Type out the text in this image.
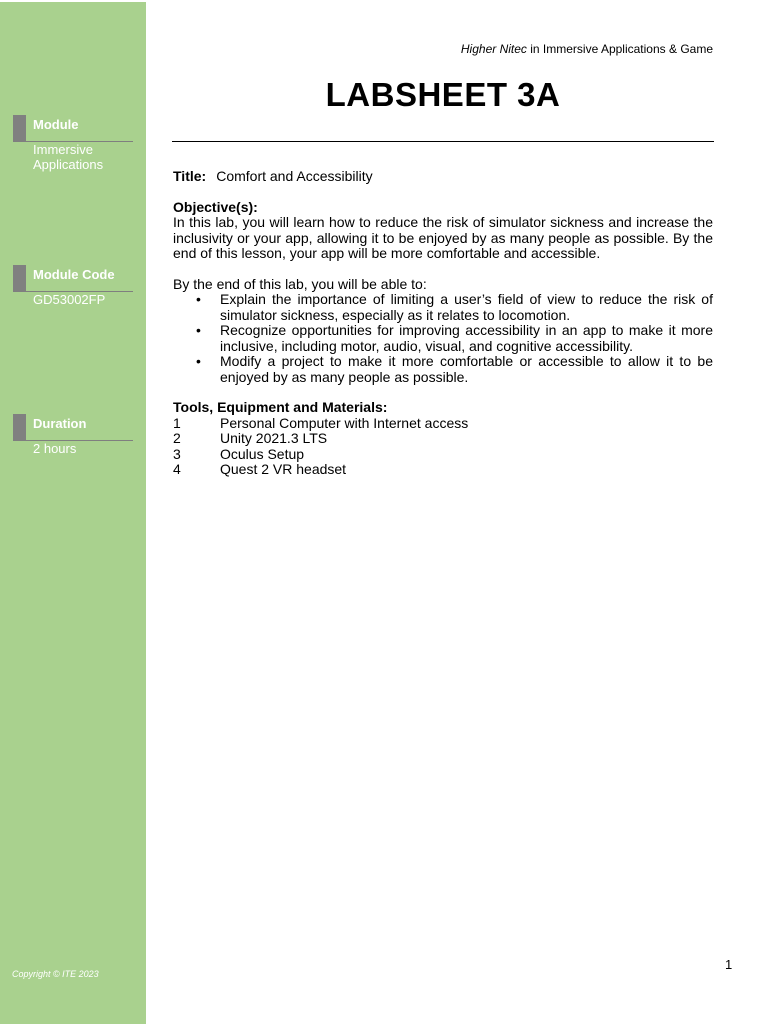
Module
Immersive Applications
Module Code
GD53002FP
Duration
2 hours
Copyright © ITE 2023
Higher Nitec in Immersive Applications & Game
LABSHEET 3A

Title: Comfort and Accessibility

Objective(s):

In this lab, you will learn how to reduce the risk of simulator sickness and increase the inclusivity or your app, allowing it to be enjoyed by as many people as possible. By the end of this lesson, your app will be more comfortable and accessible.

By the end of this lab, you will be able to:

• Explain the importance of limiting a user’s field of view to reduce the risk of simulator sickness, especially as it relates to locomotion.
• Recognize opportunities for improving accessibility in an app to make it more inclusive, including motor, audio, visual, and cognitive accessibility.
• Modify a project to make it more comfortable or accessible to allow it to be enjoyed by as many people as possible.

Tools, Equipment and Materials:

1	Personal Computer with Internet access
2	Unity 2021.3 LTS
3	Oculus Setup
4	Quest 2 VR headset
1
